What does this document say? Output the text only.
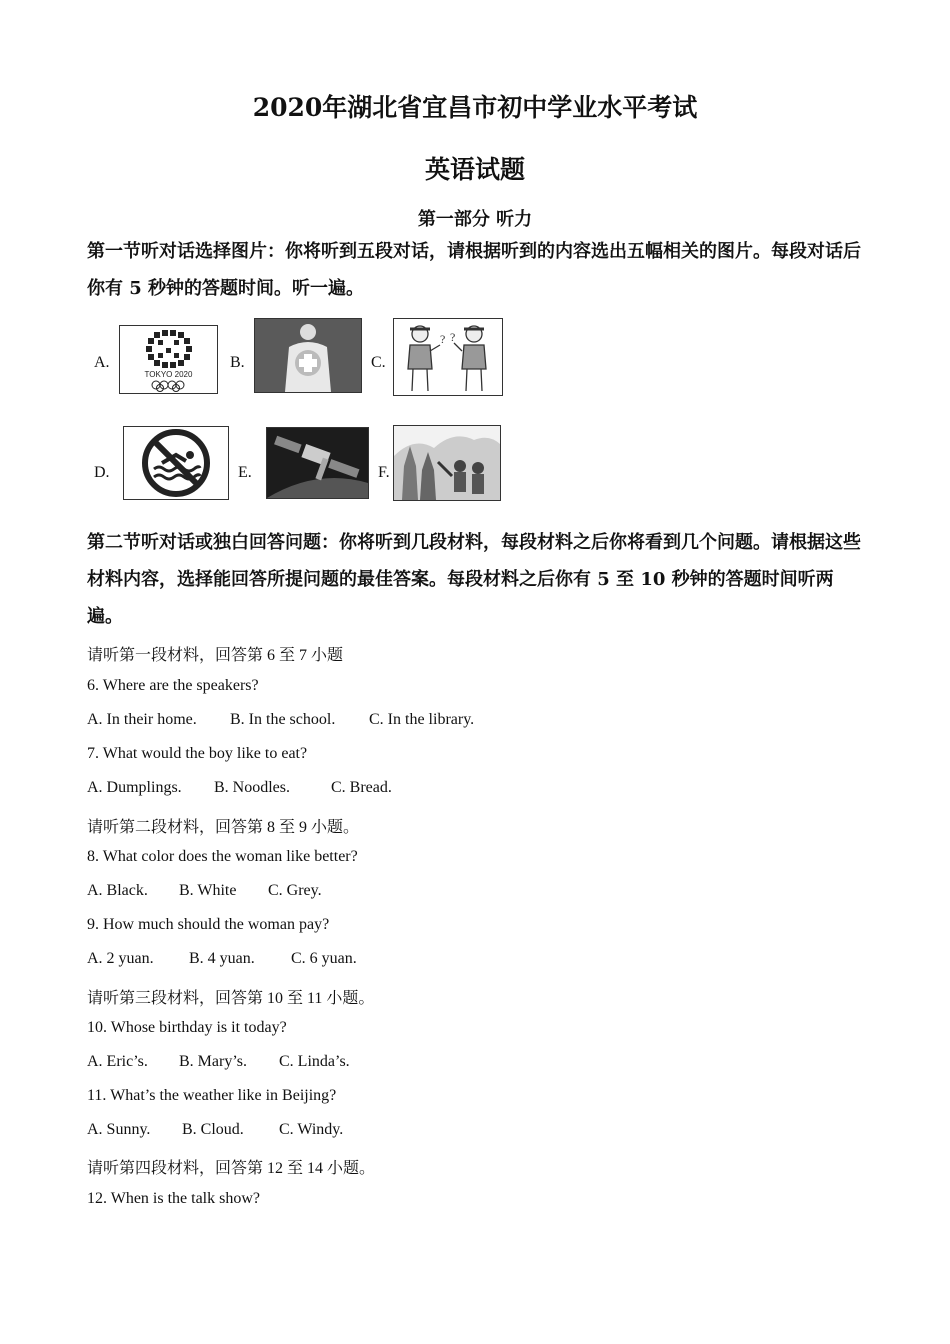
2020年湖北省宜昌市初中学业水平考试
英语试题
第一部分 听力
第一节听对话选择图片：你将听到五段对话，请根据听到的内容选出五幅相关的图片。每段对话后你有 5 秒钟的答题时间。听一遍。
A.
TOKYO 2020
B.	C.
? ?
D.	E.	F.
第二节听对话或独白回答问题：你将听到几段材料，每段材料之后你将看到几个问题。请根据这些材料内容，选择能回答所提问题的最佳答案。每段材料之后你有 5 至 10 秒钟的答题时间听两遍。
请听第一段材料，回答第 6 至 7 小题
6. Where are the speakers?
A. In their home. B. In the school. C. In the library.
7. What would the boy like to eat?
A. Dumplings. B. Noodles.	C. Bread.
请听第二段材料，回答第 8 至 9 小题。
8. What color does the woman like better?
A. Black. B. White C. Grey.
9. How much should the woman pay?
A. 2 yuan. B. 4 yuan. C. 6 yuan.
请听第三段材料，回答第 10 至 11 小题。
10. Whose birthday is it today?
A. Eric’s. B. Mary’s. C. Linda’s.
11. What’s the weather like in Beijing?
A. Sunny. B. Cloud. C. Windy.
请听第四段材料，回答第 12 至 14 小题。
12. When is the talk show?
